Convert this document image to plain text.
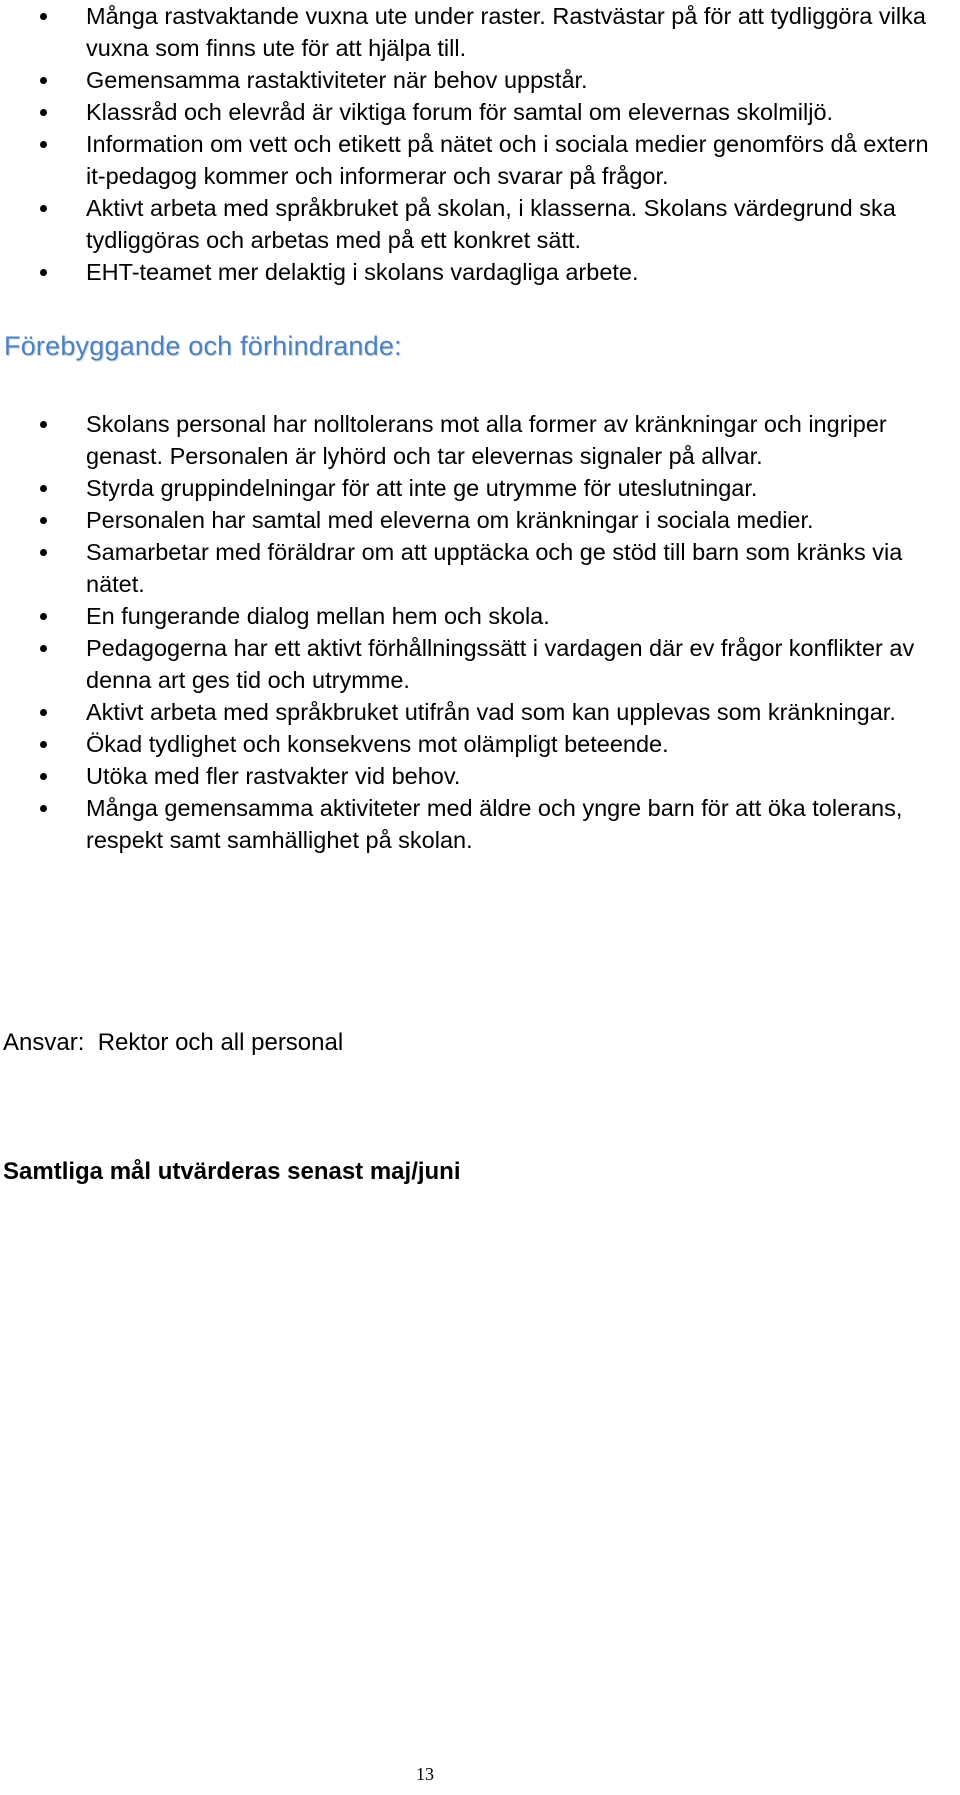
Många rastvaktande vuxna ute under raster. Rastvästar på för att tydliggöra vilka vuxna som finns ute för att hjälpa till.
Gemensamma rastaktiviteter när behov uppstår.
Klassråd och elevråd är viktiga forum för samtal om elevernas skolmiljö.
Information om vett och etikett på nätet och i sociala medier genomförs då extern it-pedagog kommer och informerar och svarar på frågor.
Aktivt arbeta med språkbruket på skolan, i klasserna. Skolans värdegrund ska tydliggöras och arbetas med på ett konkret sätt.
EHT-teamet mer delaktig i skolans vardagliga arbete.
Förebyggande och förhindrande:
Skolans personal har nolltolerans mot alla former av kränkningar och ingriper genast. Personalen är lyhörd och tar elevernas signaler på allvar.
Styrda gruppindelningar för att inte ge utrymme för uteslutningar.
Personalen har samtal med eleverna om kränkningar i sociala medier.
Samarbetar med föräldrar om att upptäcka och ge stöd till barn som kränks via nätet.
En fungerande dialog mellan hem och skola.
Pedagogerna har ett aktivt förhållningssätt i vardagen där ev frågor konflikter av denna art ges tid och utrymme.
Aktivt arbeta med språkbruket utifrån vad som kan upplevas som kränkningar.
Ökad tydlighet och konsekvens mot olämpligt beteende.
Utöka med fler rastvakter vid behov.
Många gemensamma aktiviteter med äldre och yngre barn för att öka tolerans, respekt samt samhällighet på skolan.
Ansvar: Rektor och all personal

Samtliga mål utvärderas senast maj/juni

13
